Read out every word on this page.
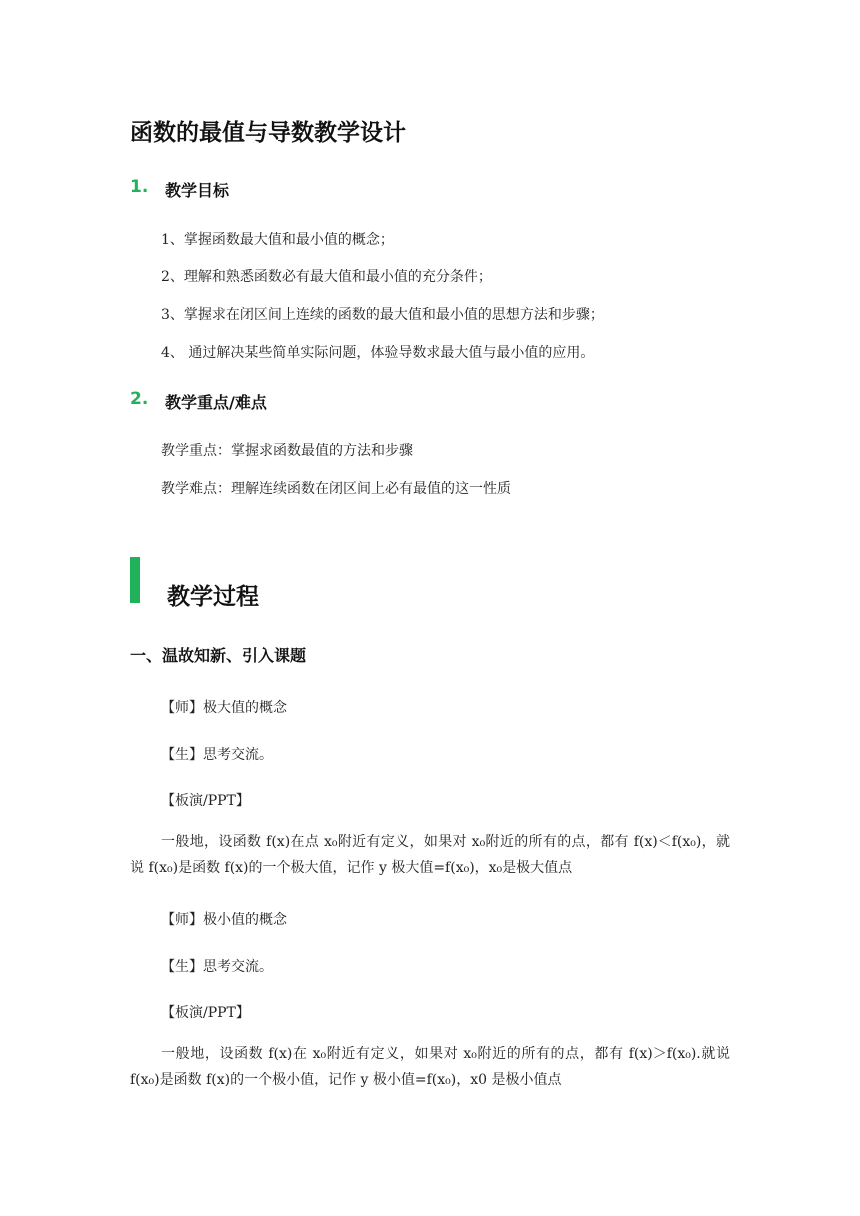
函数的最值与导数教学设计
1. 教学目标
1、掌握函数最大值和最小值的概念；
2、理解和熟悉函数必有最大值和最小值的充分条件；
3、掌握求在闭区间上连续的函数的最大值和最小值的思想方法和步骤；
4、 通过解决某些简单实际问题，体验导数求最大值与最小值的应用。
2. 教学重点/难点
教学重点：掌握求函数最值的方法和步骤
教学难点：理解连续函数在闭区间上必有最值的这一性质
教学过程
一、温故知新、引入课题
【师】极大值的概念
【生】思考交流。
【板演/PPT】
一般地，设函数 f(x)在点 x₀附近有定义，如果对 x₀附近的所有的点，都有 f(x)＜f(x₀)，就说 f(x₀)是函数 f(x)的一个极大值，记作 y 极大值=f(x₀)，x₀是极大值点
【师】极小值的概念
【生】思考交流。
【板演/PPT】
一般地，设函数 f(x)在 x₀附近有定义，如果对 x₀附近的所有的点，都有 f(x)＞f(x₀).就说 f(x₀)是函数 f(x)的一个极小值，记作 y 极小值=f(x₀)，x0 是极小值点
